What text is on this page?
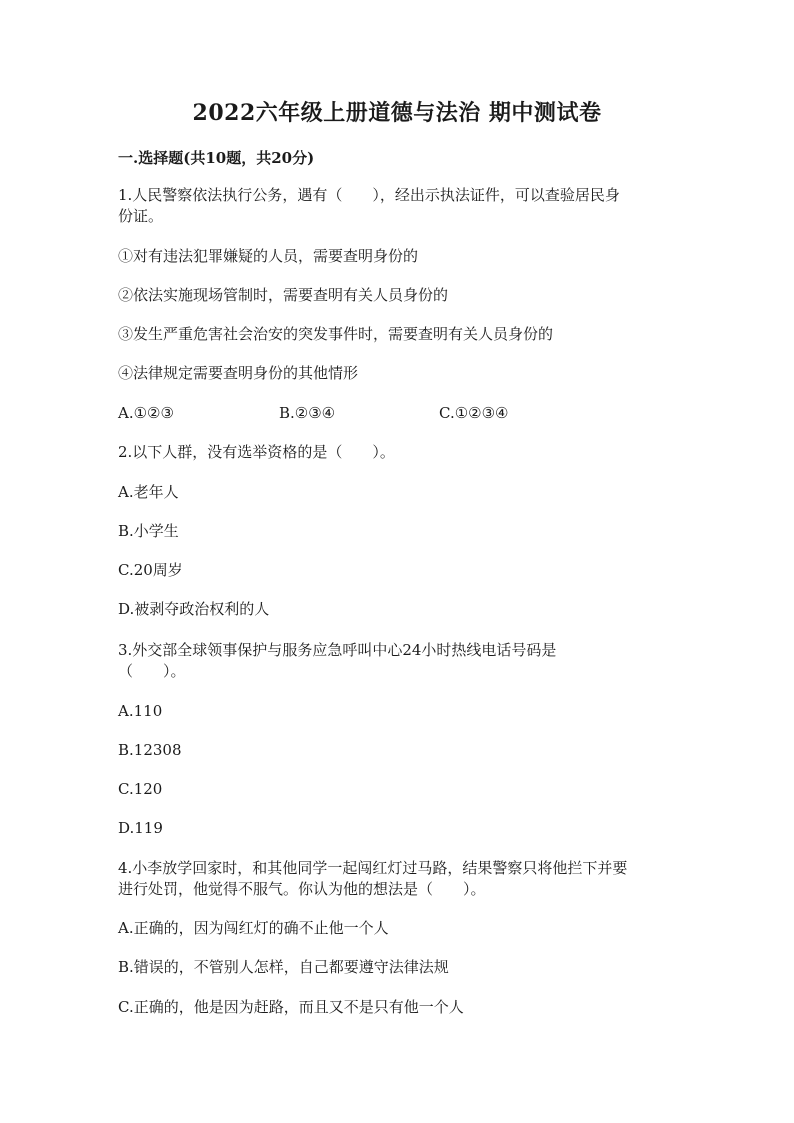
2022六年级上册道德与法治 期中测试卷
一.选择题(共10题，共20分)
1.人民警察依法执行公务，遇有（　　），经出示执法证件，可以查验居民身
份证。
①对有违法犯罪嫌疑的人员，需要查明身份的
②依法实施现场管制时，需要查明有关人员身份的
③发生严重危害社会治安的突发事件时，需要查明有关人员身份的
④法律规定需要查明身份的其他情形
A.①②③	B.②③④	C.①②③④
2.以下人群，没有选举资格的是（　　）。
A.老年人
B.小学生
C.20周岁
D.被剥夺政治权利的人
3.外交部全球领事保护与服务应急呼叫中心24小时热线电话号码是
（　　）。
A.110
B.12308
C.120
D.119
4.小李放学回家时，和其他同学一起闯红灯过马路，结果警察只将他拦下并要
进行处罚，他觉得不服气。你认为他的想法是（　　）。
A.正确的，因为闯红灯的确不止他一个人
B.错误的，不管别人怎样，自己都要遵守法律法规
C.正确的，他是因为赶路，而且又不是只有他一个人
